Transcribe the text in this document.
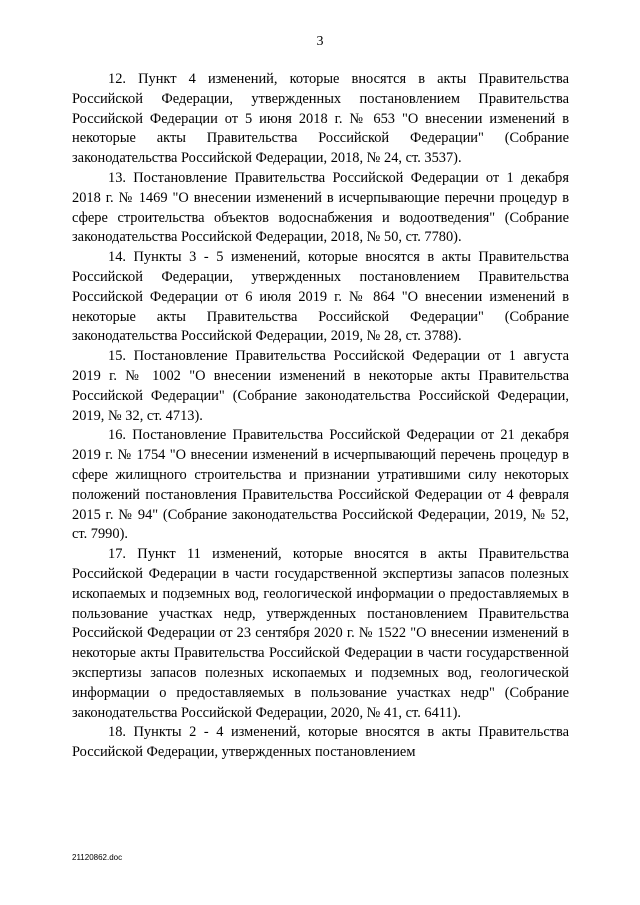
3

12. Пункт 4 изменений, которые вносятся в акты Правительства Российской Федерации, утвержденных постановлением Правительства Российской Федерации от 5 июня 2018 г. № 653 "О внесении изменений в некоторые акты Правительства Российской Федерации" (Собрание законодательства Российской Федерации, 2018, № 24, ст. 3537).

13. Постановление Правительства Российской Федерации от 1 декабря 2018 г. № 1469 "О внесении изменений в исчерпывающие перечни процедур в сфере строительства объектов водоснабжения и водоотведения" (Собрание законодательства Российской Федерации, 2018, № 50, ст. 7780).

14. Пункты 3 - 5 изменений, которые вносятся в акты Правительства Российской Федерации, утвержденных постановлением Правительства Российской Федерации от 6 июля 2019 г. № 864 "О внесении изменений в некоторые акты Правительства Российской Федерации" (Собрание законодательства Российской Федерации, 2019, № 28, ст. 3788).

15. Постановление Правительства Российской Федерации от 1 августа 2019 г. № 1002 "О внесении изменений в некоторые акты Правительства Российской Федерации" (Собрание законодательства Российской Федерации, 2019, № 32, ст. 4713).

16. Постановление Правительства Российской Федерации от 21 декабря 2019 г. № 1754 "О внесении изменений в исчерпывающий перечень процедур в сфере жилищного строительства и признании утратившими силу некоторых положений постановления Правительства Российской Федерации от 4 февраля 2015 г. № 94" (Собрание законодательства Российской Федерации, 2019, № 52, ст. 7990).

17. Пункт 11 изменений, которые вносятся в акты Правительства Российской Федерации в части государственной экспертизы запасов полезных ископаемых и подземных вод, геологической информации о предоставляемых в пользование участках недр, утвержденных постановлением Правительства Российской Федерации от 23 сентября 2020 г. № 1522 "О внесении изменений в некоторые акты Правительства Российской Федерации в части государственной экспертизы запасов полезных ископаемых и подземных вод, геологической информации о предоставляемых в пользование участках недр" (Собрание законодательства Российской Федерации, 2020, № 41, ст. 6411).

18. Пункты 2 - 4 изменений, которые вносятся в акты Правительства Российской Федерации, утвержденных постановлением

21120862.doc
